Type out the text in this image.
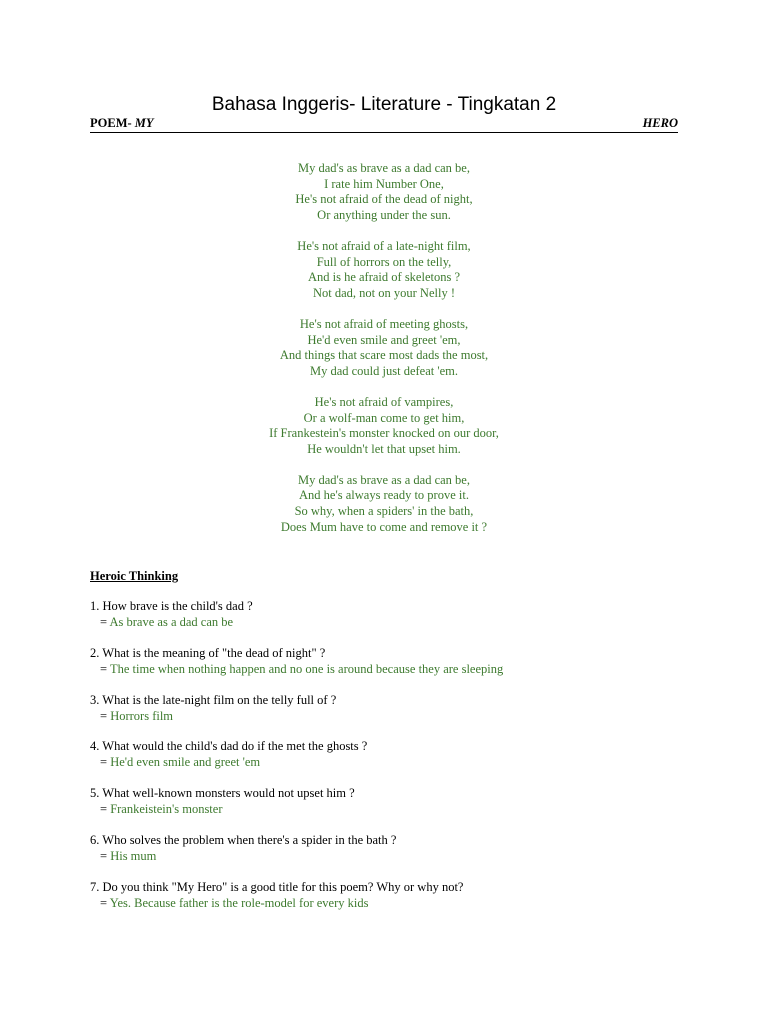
Bahasa Inggeris- Literature - Tingkatan 2
POEM- MY	HERO
My dad's as brave as a dad can be,
I rate him Number One,
He's not afraid of the dead of night,
Or anything under the sun.
He's not afraid of a late-night film,
Full of horrors on the telly,
And is he afraid of skeletons ?
Not dad, not on your Nelly !
He's not afraid of meeting ghosts,
He'd even smile and greet 'em,
And things that scare most dads the most,
My dad could just defeat 'em.
He's not afraid of vampires,
Or a wolf-man come to get him,
If Frankestein's monster knocked on our door,
He wouldn't let that upset him.
My dad's as brave as a dad can be,
And he's always ready to prove it.
So why, when a spiders' in the bath,
Does Mum have to come and remove it ?
Heroic Thinking
1. How brave is the child's dad ?
= As brave as a dad can be
2. What is the meaning of "the dead of night" ?
= The time when nothing happen and no one is around because they are sleeping
3. What is the late-night film on the telly full of ?
= Horrors film
4. What would the child's dad do if the met the ghosts ?
= He'd even smile and greet 'em
5. What well-known monsters would not upset him ?
= Frankeistein's monster
6. Who solves the problem when there's a spider in the bath ?
= His mum
7. Do you think "My Hero" is a good title for this poem? Why or why not?
= Yes. Because father is the role-model for every kids
